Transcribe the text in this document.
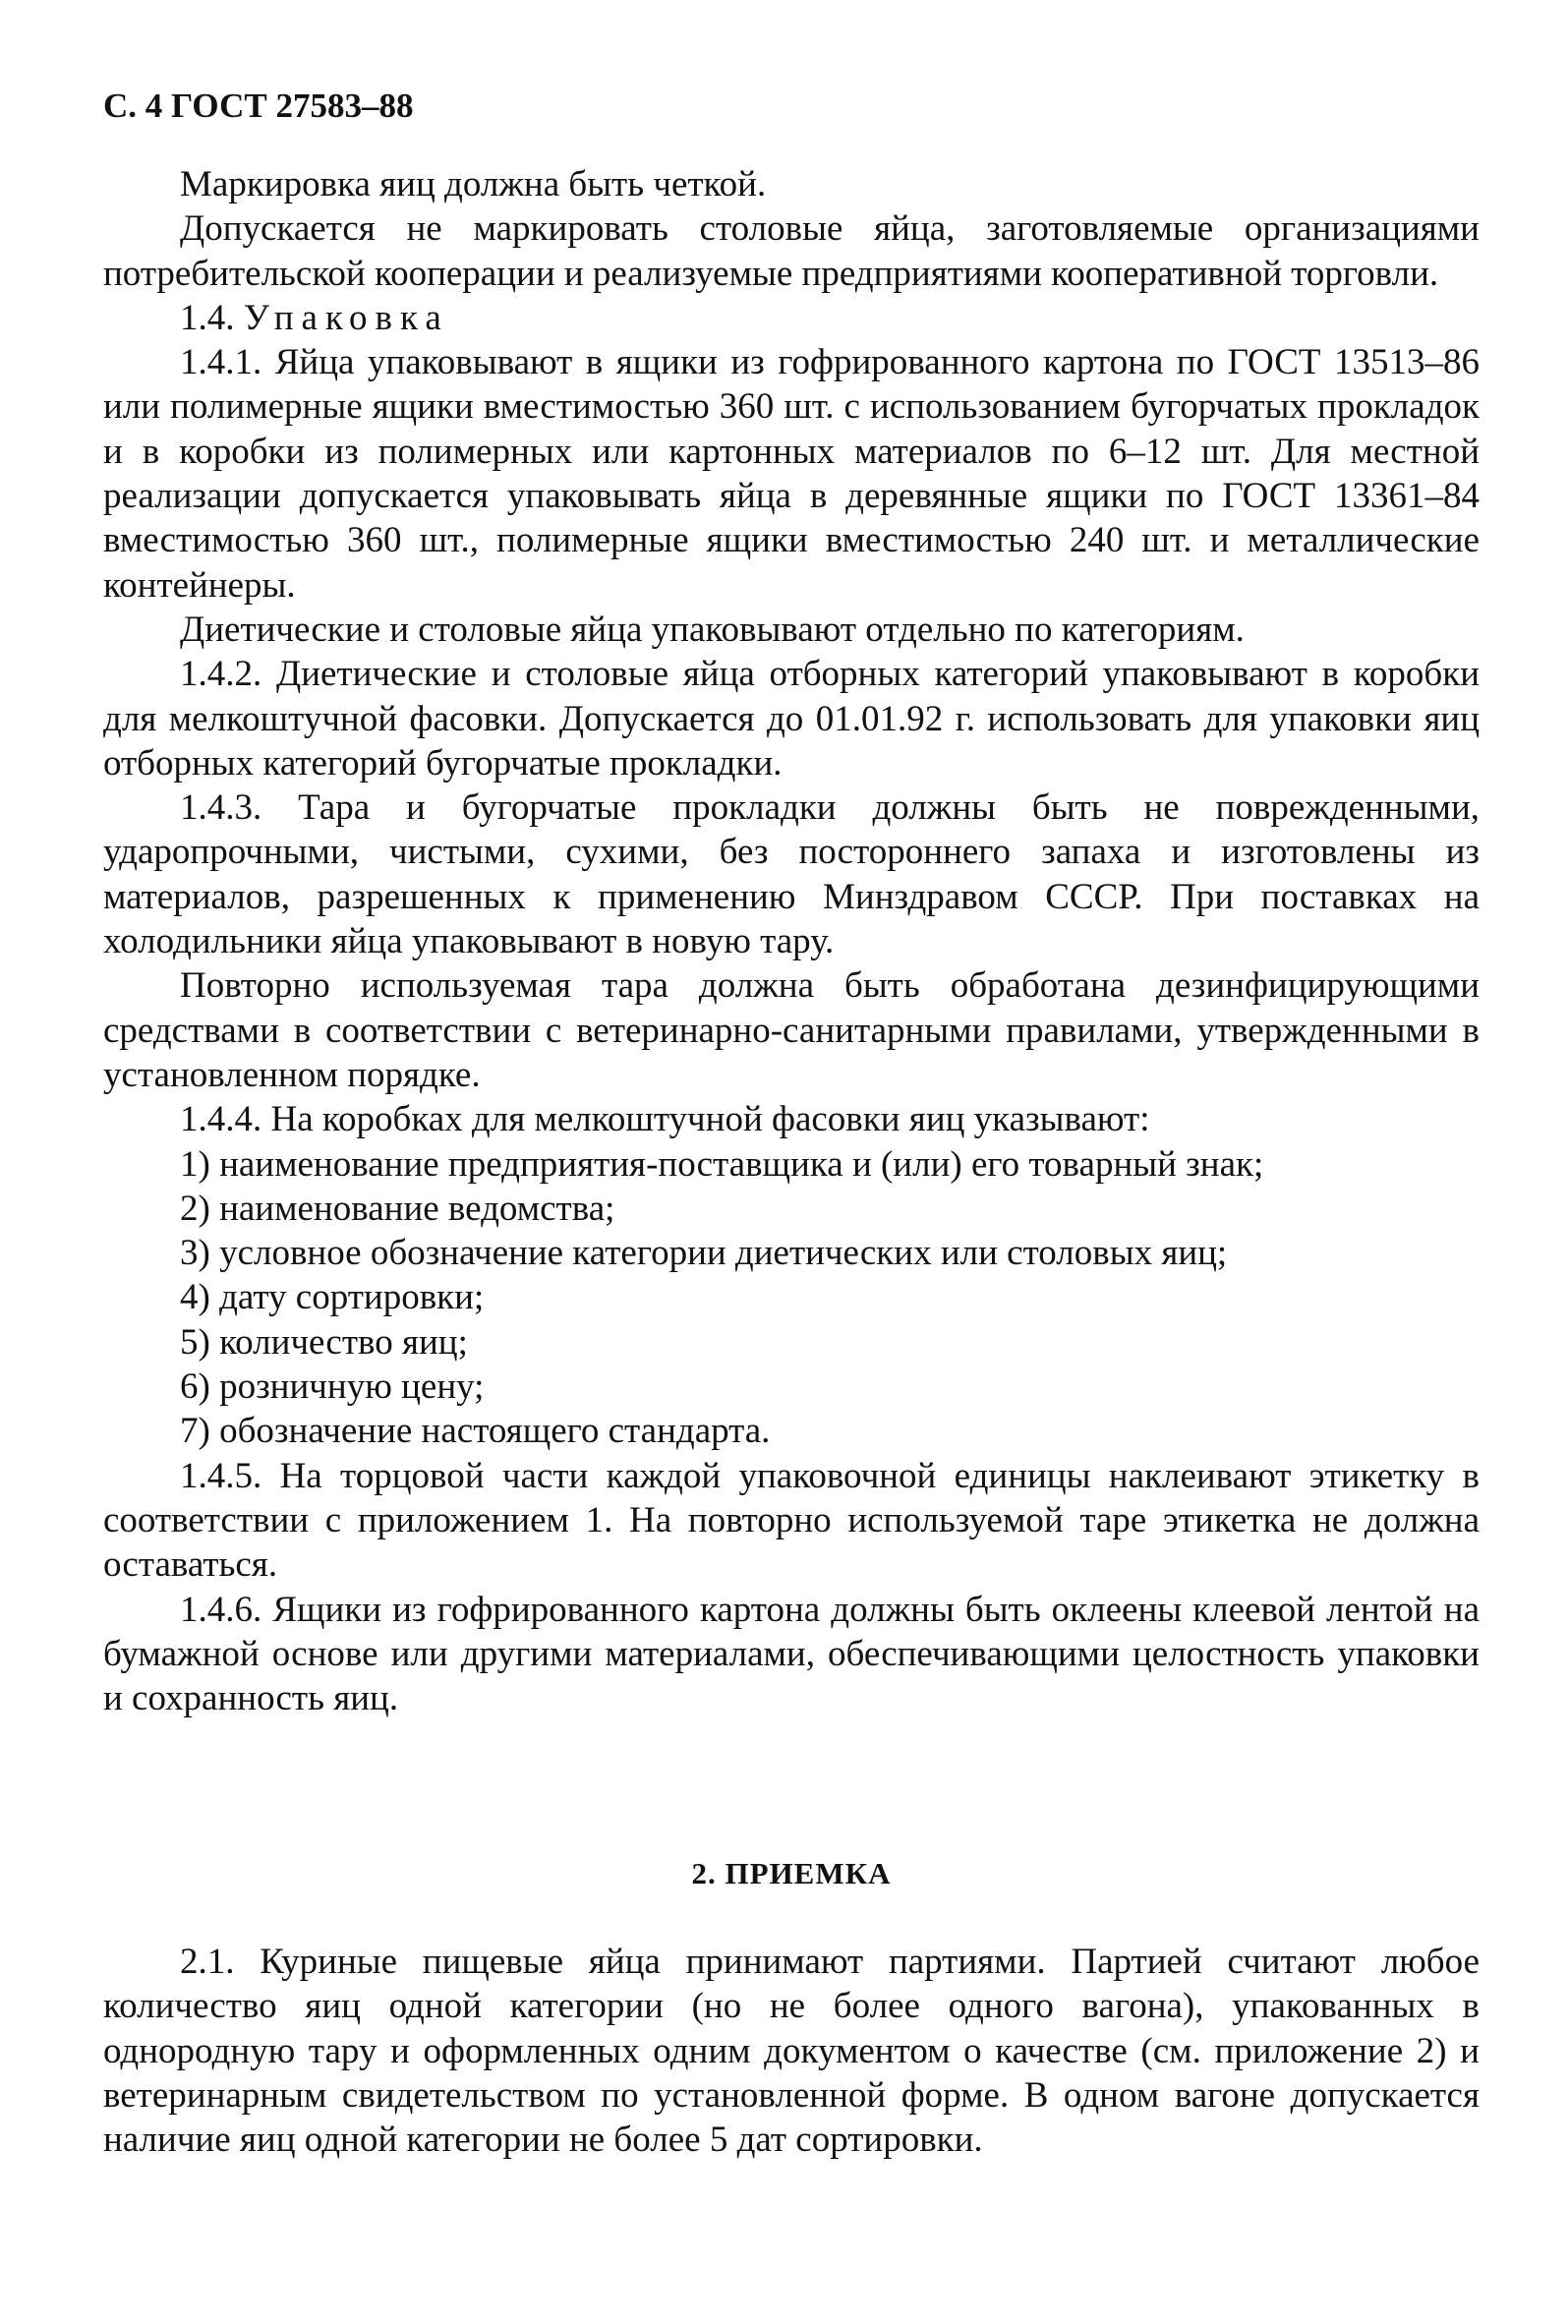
С. 4 ГОСТ 27583–88

Маркировка яиц должна быть четкой.

Допускается не маркировать столовые яйца, заготовляемые организациями потребительской кооперации и реализуемые предприятиями кооперативной торговли.

1.4. Упаковка

1.4.1. Яйца упаковывают в ящики из гофрированного картона по ГОСТ 13513–86 или полимерные ящики вместимостью 360 шт. с использованием бугорчатых прокладок и в коробки из полимерных или картонных материалов по 6–12 шт. Для местной реализации допускается упаковывать яйца в деревянные ящики по ГОСТ 13361–84 вместимостью 360 шт., полимерные ящики вместимостью 240 шт. и металлические контейнеры.

Диетические и столовые яйца упаковывают отдельно по категориям.

1.4.2. Диетические и столовые яйца отборных категорий упаковывают в коробки для мелкоштучной фасовки. Допускается до 01.01.92 г. использовать для упаковки яиц отборных категорий бугорчатые прокладки.

1.4.3. Тара и бугорчатые прокладки должны быть не поврежденными, ударопрочными, чистыми, сухими, без постороннего запаха и изготовлены из материалов, разрешенных к применению Минздравом СССР. При поставках на холодильники яйца упаковывают в новую тару.

Повторно используемая тара должна быть обработана дезинфицирующими средствами в соответствии с ветеринарно-санитарными правилами, утвержденными в установленном порядке.

1.4.4. На коробках для мелкоштучной фасовки яиц указывают:

1) наименование предприятия-поставщика и (или) его товарный знак;

2) наименование ведомства;

3) условное обозначение категории диетических или столовых яиц;

4) дату сортировки;

5) количество яиц;

6) розничную цену;

7) обозначение настоящего стандарта.

1.4.5. На торцовой части каждой упаковочной единицы наклеивают этикетку в соответствии с приложением 1. На повторно используемой таре этикетка не должна оставаться.

1.4.6. Ящики из гофрированного картона должны быть оклеены клеевой лентой на бумажной основе или другими материалами, обеспечивающими целостность упаковки и сохранность яиц.

2. ПРИЕМКА

2.1. Куриные пищевые яйца принимают партиями. Партией считают любое количество яиц одной категории (но не более одного вагона), упакованных в однородную тару и оформленных одним документом о качестве (см. приложение 2) и ветеринарным свидетельством по установленной форме. В одном вагоне допускается наличие яиц одной категории не более 5 дат сортировки.
